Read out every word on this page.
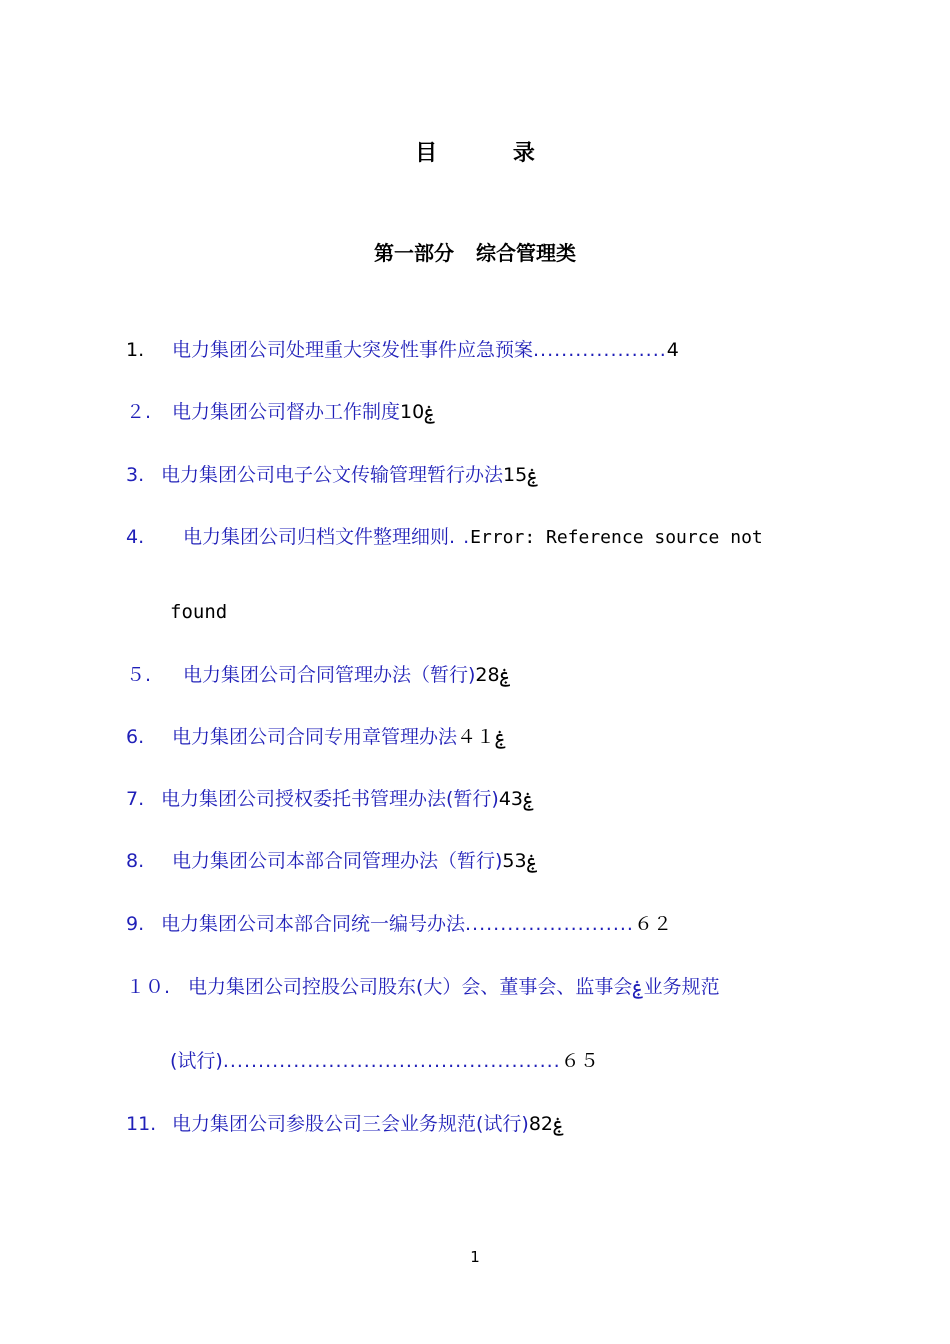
目 录
第一部分 综合管理类
1. 电力集团公司处理重大突发性事件应急预案...................4
２. 电力集团公司督办工作制度10ۼ
3. 电力集团公司电子公文传输管理暂行办法15ۼ
4. 电力集团公司归档文件整理细则. .Error: Reference source not
found
５. 电力集团公司合同管理办法（暂行)28ۼ
6. 电力集团公司合同专用章管理办法４１ۼ
7. 电力集团公司授权委托书管理办法(暂行)43ۼ
8. 电力集团公司本部合同管理办法（暂行)53ۼ
9. 电力集团公司本部合同统一编号办法........................６２
１０. 电力集团公司控股公司股东(大）会、董事会、监事会ۼ业务规范
(试行)................................................６５
11. 电力集团公司参股公司三会业务规范(试行)82ۼ
1
